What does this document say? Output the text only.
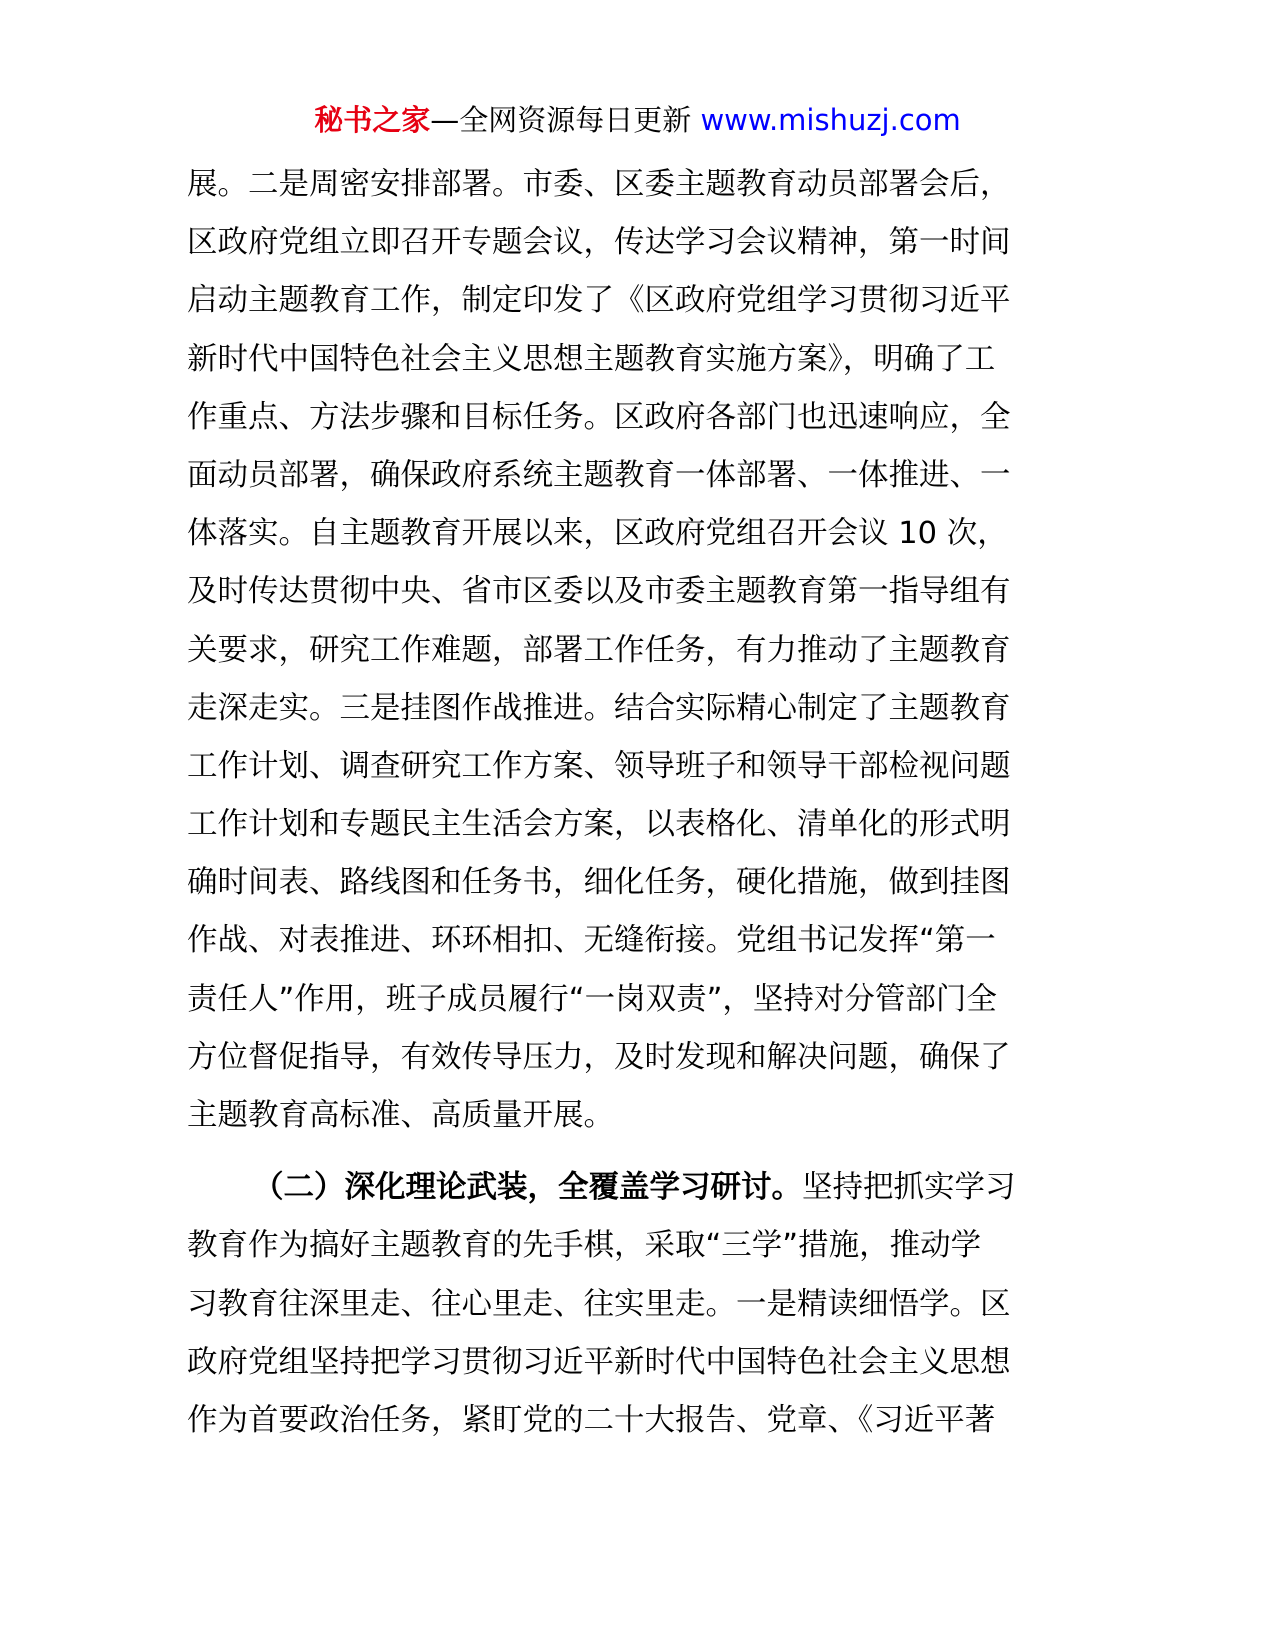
秘书之家—全网资源每日更新 www.mishuzj.com
展。二是周密安排部署。市委、区委主题教育动员部署会后，
区政府党组立即召开专题会议，传达学习会议精神，第一时间
启动主题教育工作，制定印发了《区政府党组学习贯彻习近平
新时代中国特色社会主义思想主题教育实施方案》，明确了工
作重点、方法步骤和目标任务。区政府各部门也迅速响应，全
面动员部署，确保政府系统主题教育一体部署、一体推进、一
体落实。自主题教育开展以来，区政府党组召开会议 10 次，
及时传达贯彻中央、省市区委以及市委主题教育第一指导组有
关要求，研究工作难题，部署工作任务，有力推动了主题教育
走深走实。三是挂图作战推进。结合实际精心制定了主题教育
工作计划、调查研究工作方案、领导班子和领导干部检视问题
工作计划和专题民主生活会方案，以表格化、清单化的形式明
确时间表、路线图和任务书，细化任务，硬化措施，做到挂图
作战、对表推进、环环相扣、无缝衔接。党组书记发挥“第一
责任人”作用，班子成员履行“一岗双责”，坚持对分管部门全
方位督促指导，有效传导压力，及时发现和解决问题，确保了
主题教育高标准、高质量开展。
（二）深化理论武装，全覆盖学习研讨。坚持把抓实学习
教育作为搞好主题教育的先手棋，采取“三学”措施，推动学
习教育往深里走、往心里走、往实里走。一是精读细悟学。区
政府党组坚持把学习贯彻习近平新时代中国特色社会主义思想
作为首要政治任务，紧盯党的二十大报告、党章、《习近平著
